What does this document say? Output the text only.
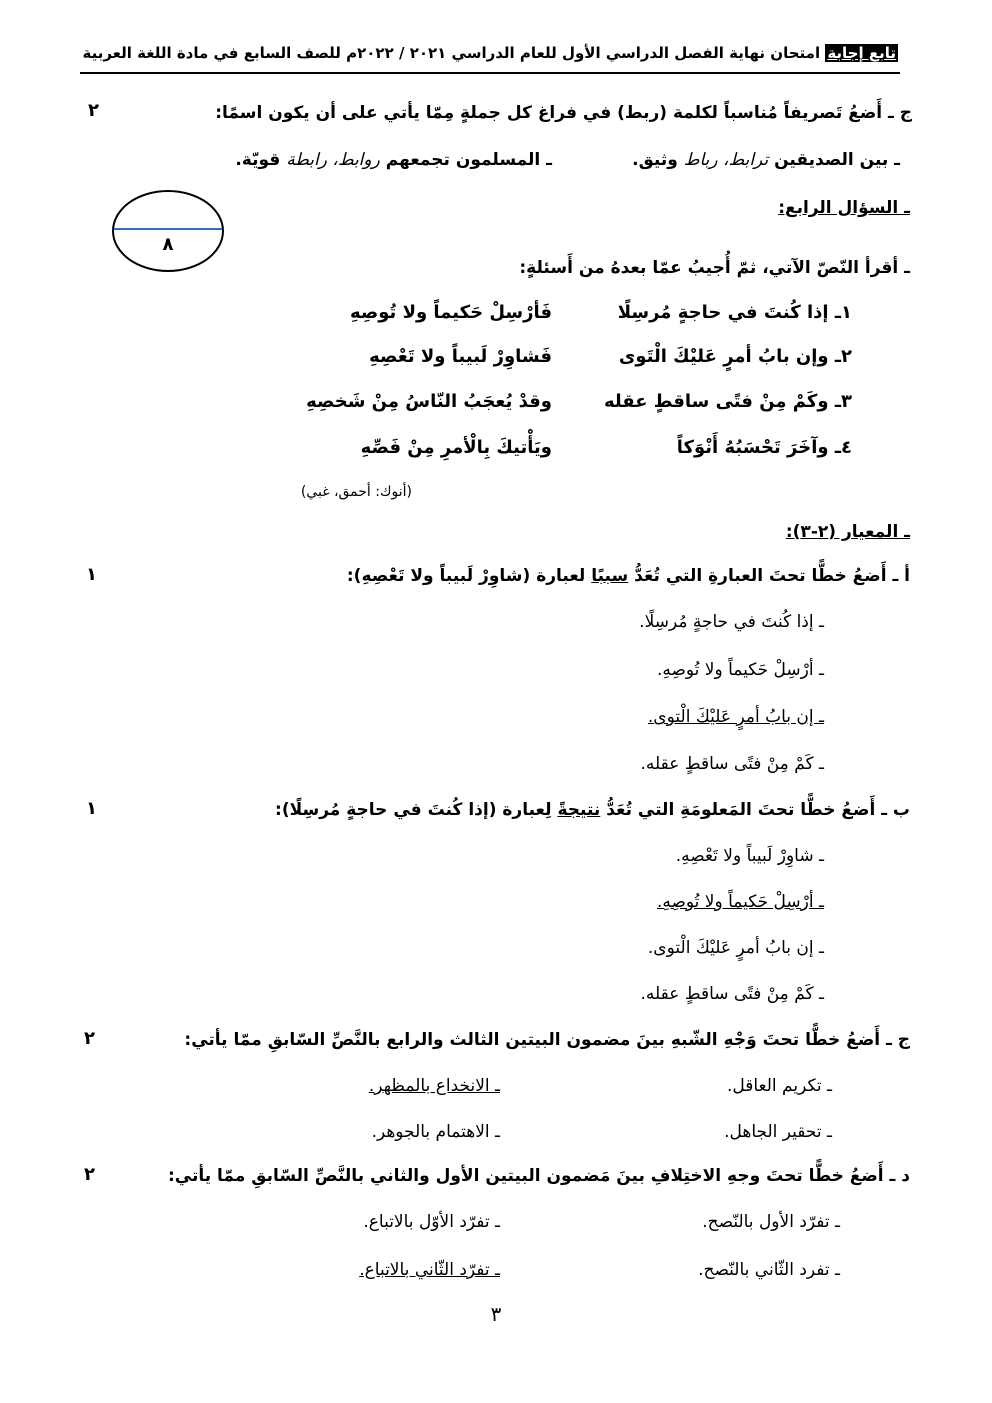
تابع إجابة امتحان نهاية الفصل الدراسي الأول للعام الدراسي ٢٠٢١ / ٢٠٢٢م للصف السابع في مادة اللغة العربية
ج ـ أَضعُ تَصريفاً مُناسباً لكلمة (ربط) في فراغ كل جملةٍ مِمّا يأتي على أن يكون اسمًا:
٢
ـ بين الصديقين ترابط، رباط وثيق.
ـ المسلمون تجمعهم روابط، رابطة قويّة.
٨
ـ السؤال الرابع:
ـ أقرأ النّصّ الآتي، ثمّ أُجيبُ عمّا بعدهُ من أَسئلةٍ:
١ـ إذا كُنتَ في حاجةٍ مُرسِلًا
فَأرْسِلْ حَكيماً ولا تُوصِهِ
٢ـ وإن بابُ أمرٍ عَليْكَ الْتَوى
فَشاوِرْ لَبيباً ولا تَعْصِهِ
٣ـ وكَمْ مِنْ فتًى ساقطٍ عقله
وقدْ يُعجَبُ النّاسُ مِنْ شَخصِهِ
٤ـ وآخَرَ تَحْسَبُهُ أَنْوَكاً
ويَأْتيكَ بِالْأمرِ مِنْ فَصِّهِ
(أنوك: أحمق، غبي)
ـ المعيار (٢-٣):
أ ـ أَضعُ خطًّا تحتَ العبارةِ التي تُعَدُّ سببًا لعبارة (شاوِرْ لَبيباً ولا تَعْصِهِ):
١
ـ إذا كُنتَ في حاجةٍ مُرسِلًا.
ـ أرْسِلْ حَكيماً ولا تُوصِهِ.
ـ إن بابُ أمرٍ عَليْكَ الْتوى.
ـ كَمْ مِنْ فتًى ساقطٍ عقله.
ب ـ أَضعُ خطًّا تحتَ المَعلومَةِ التي تُعَدُّ نتيجةً لِعبارة (إذا كُنتَ في حاجةٍ مُرسِلًا):
١
ـ شاوِرْ لَبيباً ولا تَعْصِهِ.
ـ أرْسِلْ حَكيماً ولا تُوصِهِ.
ـ إن بابُ أمرٍ عَليْكَ الْتوى.
ـ كَمْ مِنْ فتًى ساقطٍ عقله.
ج ـ أَضعُ خطًّا تحتَ وَجْهِ الشّبهِ بينَ مضمون البيتين الثالث والرابع بالنَّصِّ السّابقِ ممّا يأتي:
٢
ـ تكريم العاقل.
ـ الانخداع بالمظهر.
ـ تحقير الجاهل.
ـ الاهتمام بالجوهر.
د ـ أَضعُ خطًّا تحتَ وجهِ الاختِلافِ بينَ مَضمون البيتين الأول والثاني بالنَّصِّ السّابقِ ممّا يأتي:
٢
ـ تفرّد الأول بالنّصح.
ـ تفرّد الأوّل بالاتباع.
ـ تفرد الثّاني بالنّصح.
ـ تفرّد الثّاني بالاتباع.
٣
